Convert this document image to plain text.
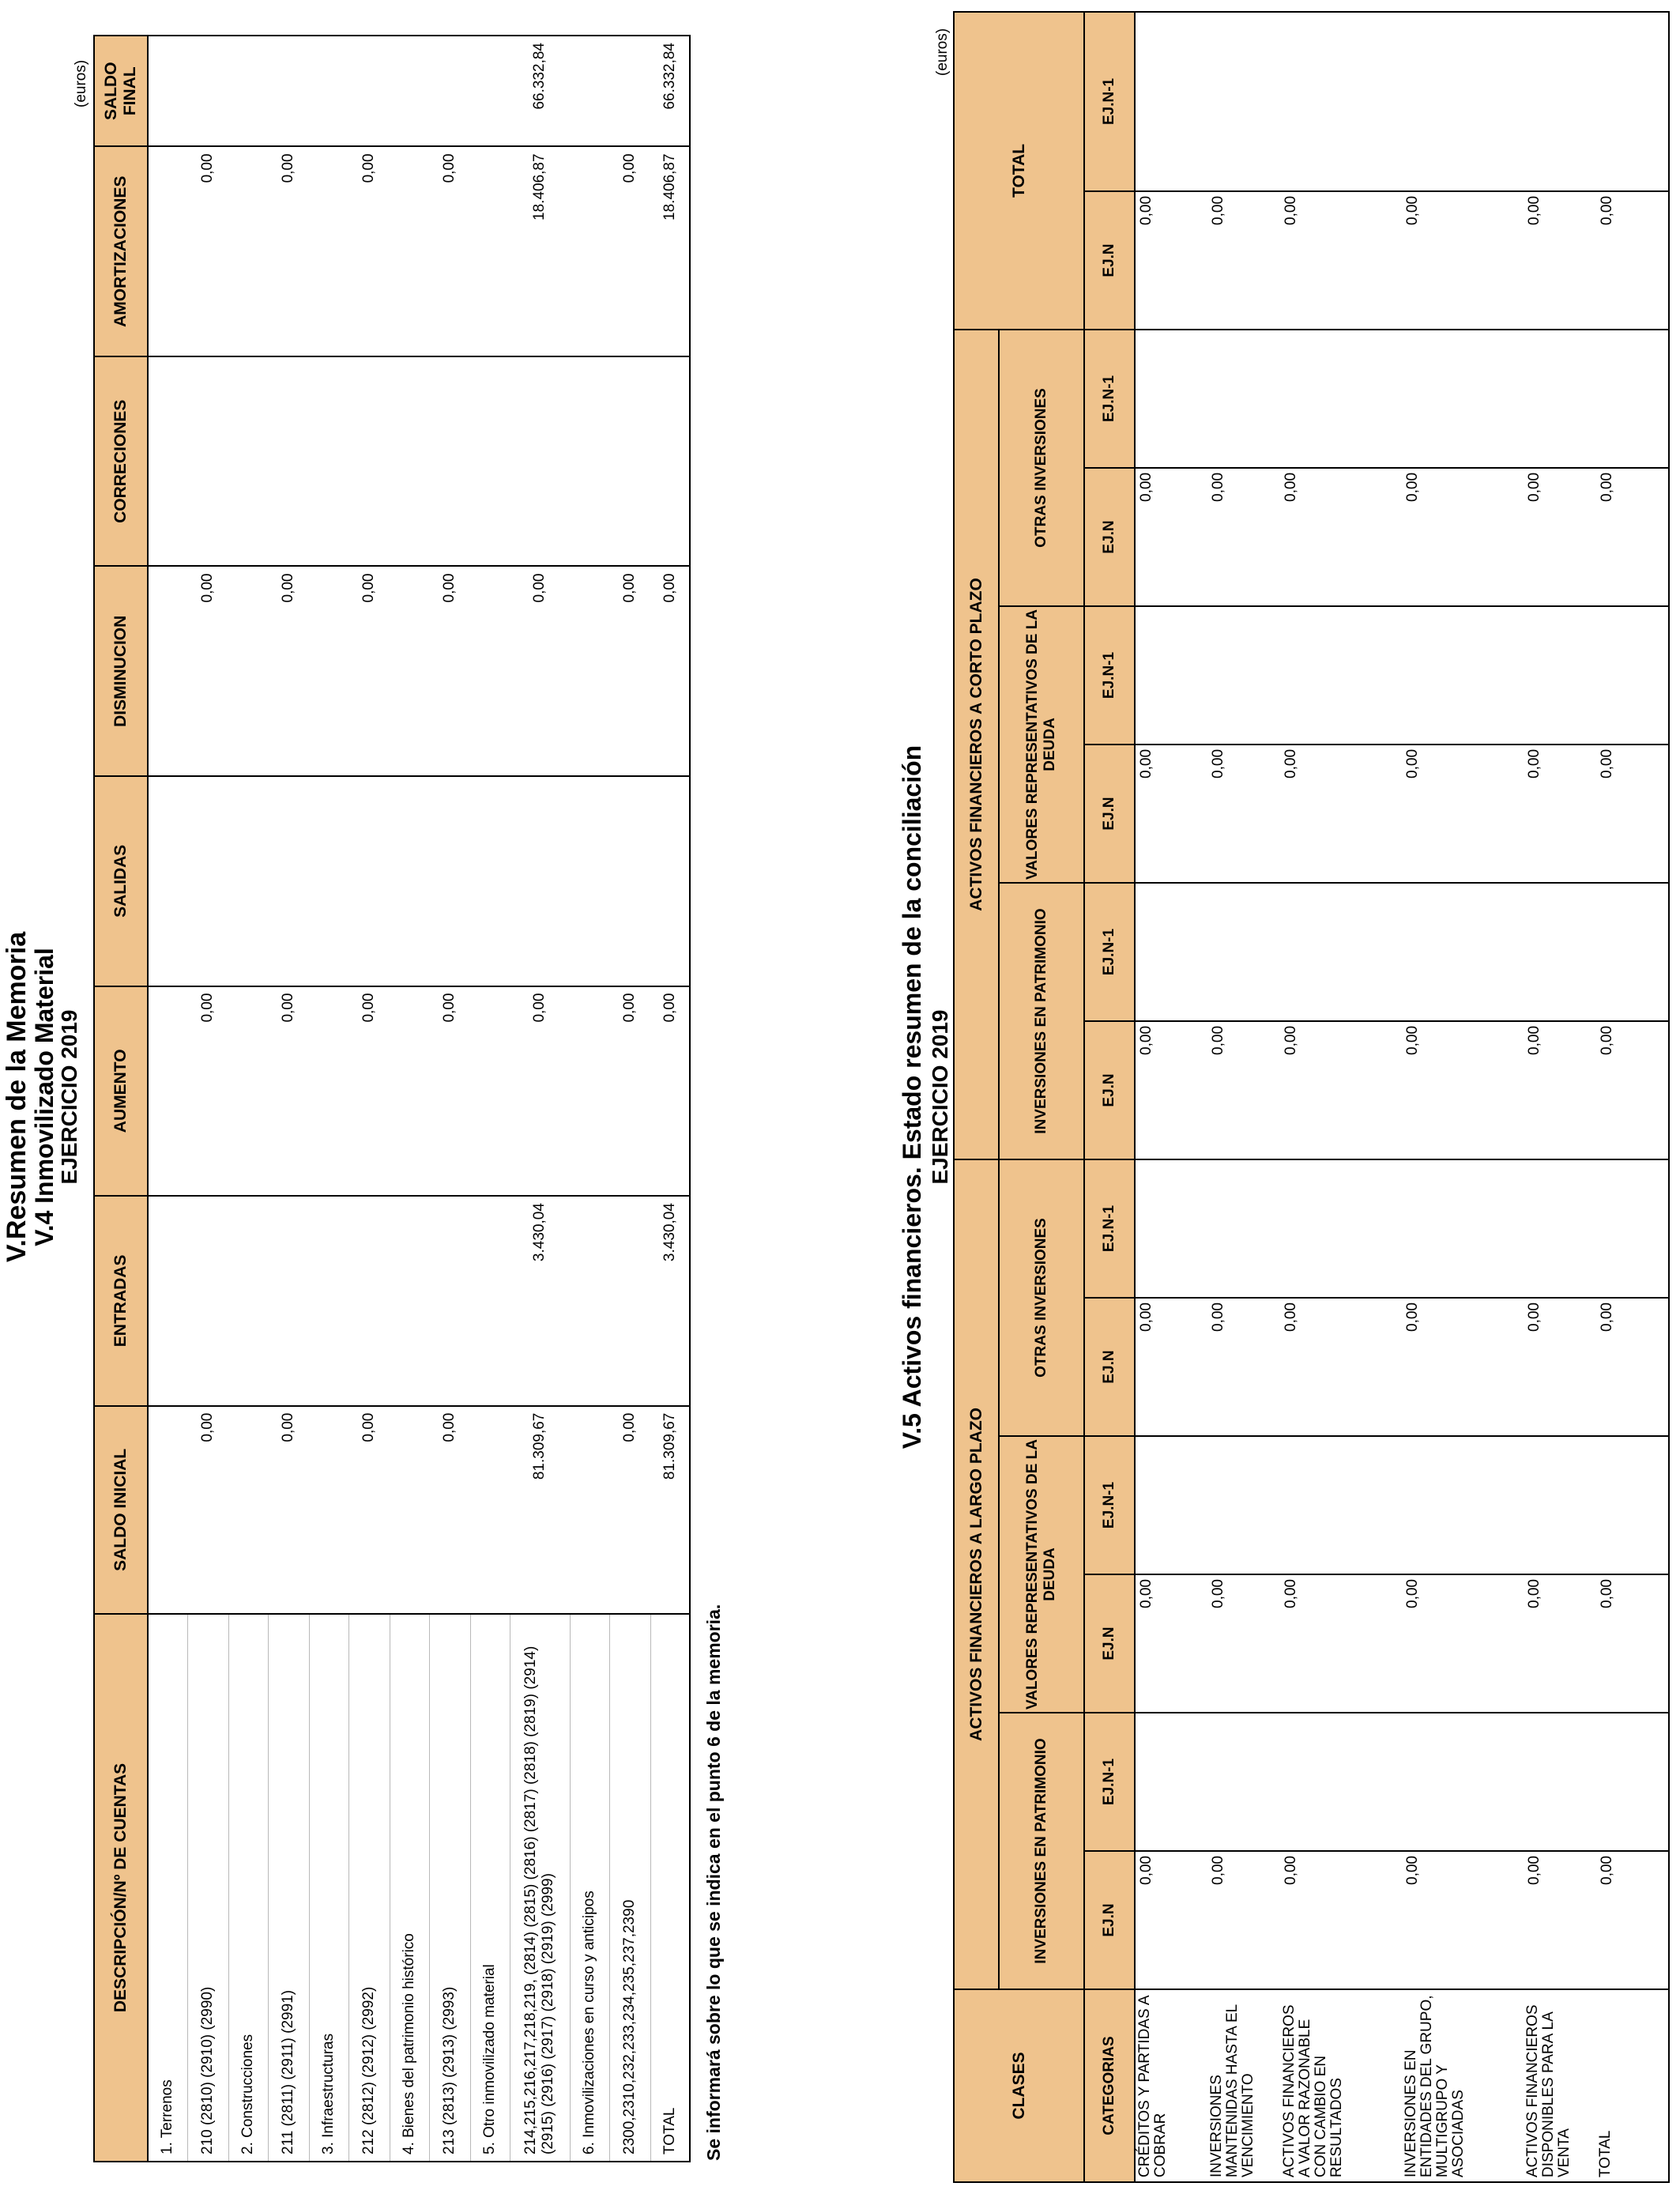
V.Resumen de la Memoria
V.4 Inmovilizado Material
EJERCICIO 2019
(euros)
DESCRIPCIÓN/Nº DE CUENTAS	SALDO INICIAL	ENTRADAS	AUMENTO	SALIDAS	DISMINUCION	CORRECIONES	AMORTIZACIONES	SALDO FINAL
1. Terrenos								
210 (2810) (2910) (2990)	0,00		0,00		0,00		0,00	
2. Construcciones								
211 (2811) (2911) (2991)	0,00		0,00		0,00		0,00	
3. Infraestructuras								
212 (2812) (2912) (2992)	0,00		0,00		0,00		0,00	
4. Bienes del patrimonio histórico								
213 (2813) (2913) (2993)	0,00		0,00		0,00		0,00	
5. Otro inmovilizado material								
214,215,216,217,218,219, (2814) (2815) (2816) (2817) (2818) (2819) (2914) (2915) (2916) (2917) (2918) (2919) (2999)	81.309,67	3.430,04	0,00		0,00		18.406,87	66.332,84
6. Inmovilizaciones en curso y anticipos								
2300,2310,232,233,234,235,237,2390	0,00		0,00		0,00		0,00	
TOTAL	81.309,67	3.430,04	0,00		0,00		18.406,87	66.332,84
Se informará sobre lo que se indica en el punto 6 de la memoria.
V.5 Activos financieros. Estado resumen de la conciliación EJERCICIO 2019
(euros)
CLASES	ACTIVOS FINANCIEROS A LARGO PLAZO						ACTIVOS FINANCIEROS A CORTO PLAZO						TOTAL	
	INVERSIONES EN PATRIMONIO		VALORES REPRESENTATIVOS DE LA DEUDA		OTRAS INVERSIONES		INVERSIONES EN PATRIMONIO		VALORES REPRESENTATIVOS DE LA DEUDA		OTRAS INVERSIONES			
CATEGORIAS	EJ.N	EJ.N-1	EJ.N	EJ.N-1	EJ.N	EJ.N-1	EJ.N	EJ.N-1	EJ.N	EJ.N-1	EJ.N	EJ.N-1	EJ.N	EJ.N-1
CRÉDITOS Y PARTIDAS A COBRAR	0,00		0,00		0,00		0,00		0,00		0,00		0,00	
INVERSIONES MANTENIDAS HASTA EL VENCIMIENTO	0,00		0,00		0,00		0,00		0,00		0,00		0,00	
ACTIVOS FINANCIEROS A VALOR RAZONABLE CON CAMBIO EN RESULTADOS	0,00		0,00		0,00		0,00		0,00		0,00		0,00	
INVERSIONES EN ENTIDADES DEL GRUPO, MULTIGRUPO Y ASOCIADAS	0,00		0,00		0,00		0,00		0,00		0,00		0,00	
ACTIVOS FINANCIEROS DISPONIBLES PARA LA VENTA	0,00		0,00		0,00		0,00		0,00		0,00		0,00	
TOTAL	0,00		0,00		0,00		0,00		0,00		0,00		0,00	
